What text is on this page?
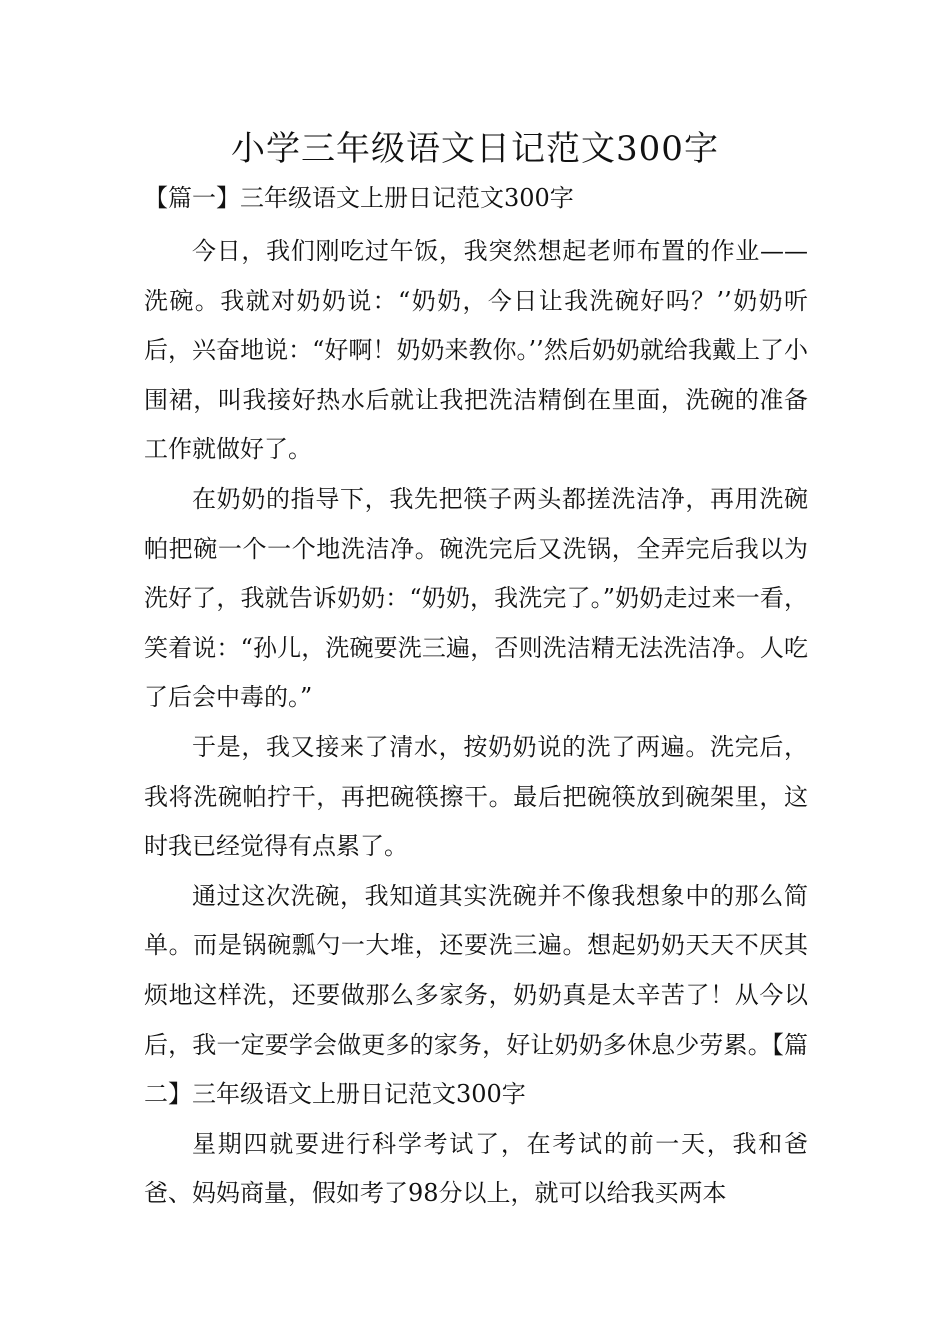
小学三年级语文日记范文300字

【篇一】三年级语文上册日记范文300字

今日，我们刚吃过午饭，我突然想起老师布置的作业——洗碗。我就对奶奶说：“奶奶，今日让我洗碗好吗？’’奶奶听后，兴奋地说：“好啊！奶奶来教你。’’然后奶奶就给我戴上了小围裙，叫我接好热水后就让我把洗洁精倒在里面，洗碗的准备工作就做好了。

在奶奶的指导下，我先把筷子两头都搓洗洁净，再用洗碗帕把碗一个一个地洗洁净。碗洗完后又洗锅，全弄完后我以为洗好了，我就告诉奶奶：“奶奶，我洗完了。”奶奶走过来一看，笑着说：“孙儿，洗碗要洗三遍，否则洗洁精无法洗洁净。人吃了后会中毒的。”

于是，我又接来了清水，按奶奶说的洗了两遍。洗完后，我将洗碗帕拧干，再把碗筷擦干。最后把碗筷放到碗架里，这时我已经觉得有点累了。

通过这次洗碗，我知道其实洗碗并不像我想象中的那么简单。而是锅碗瓢勺一大堆，还要洗三遍。想起奶奶天天不厌其烦地这样洗，还要做那么多家务，奶奶真是太辛苦了！从今以后，我一定要学会做更多的家务，好让奶奶多休息少劳累。【篇二】三年级语文上册日记范文300字

星期四就要进行科学考试了，在考试的前一天，我和爸爸、妈妈商量，假如考了98分以上，就可以给我买两本
